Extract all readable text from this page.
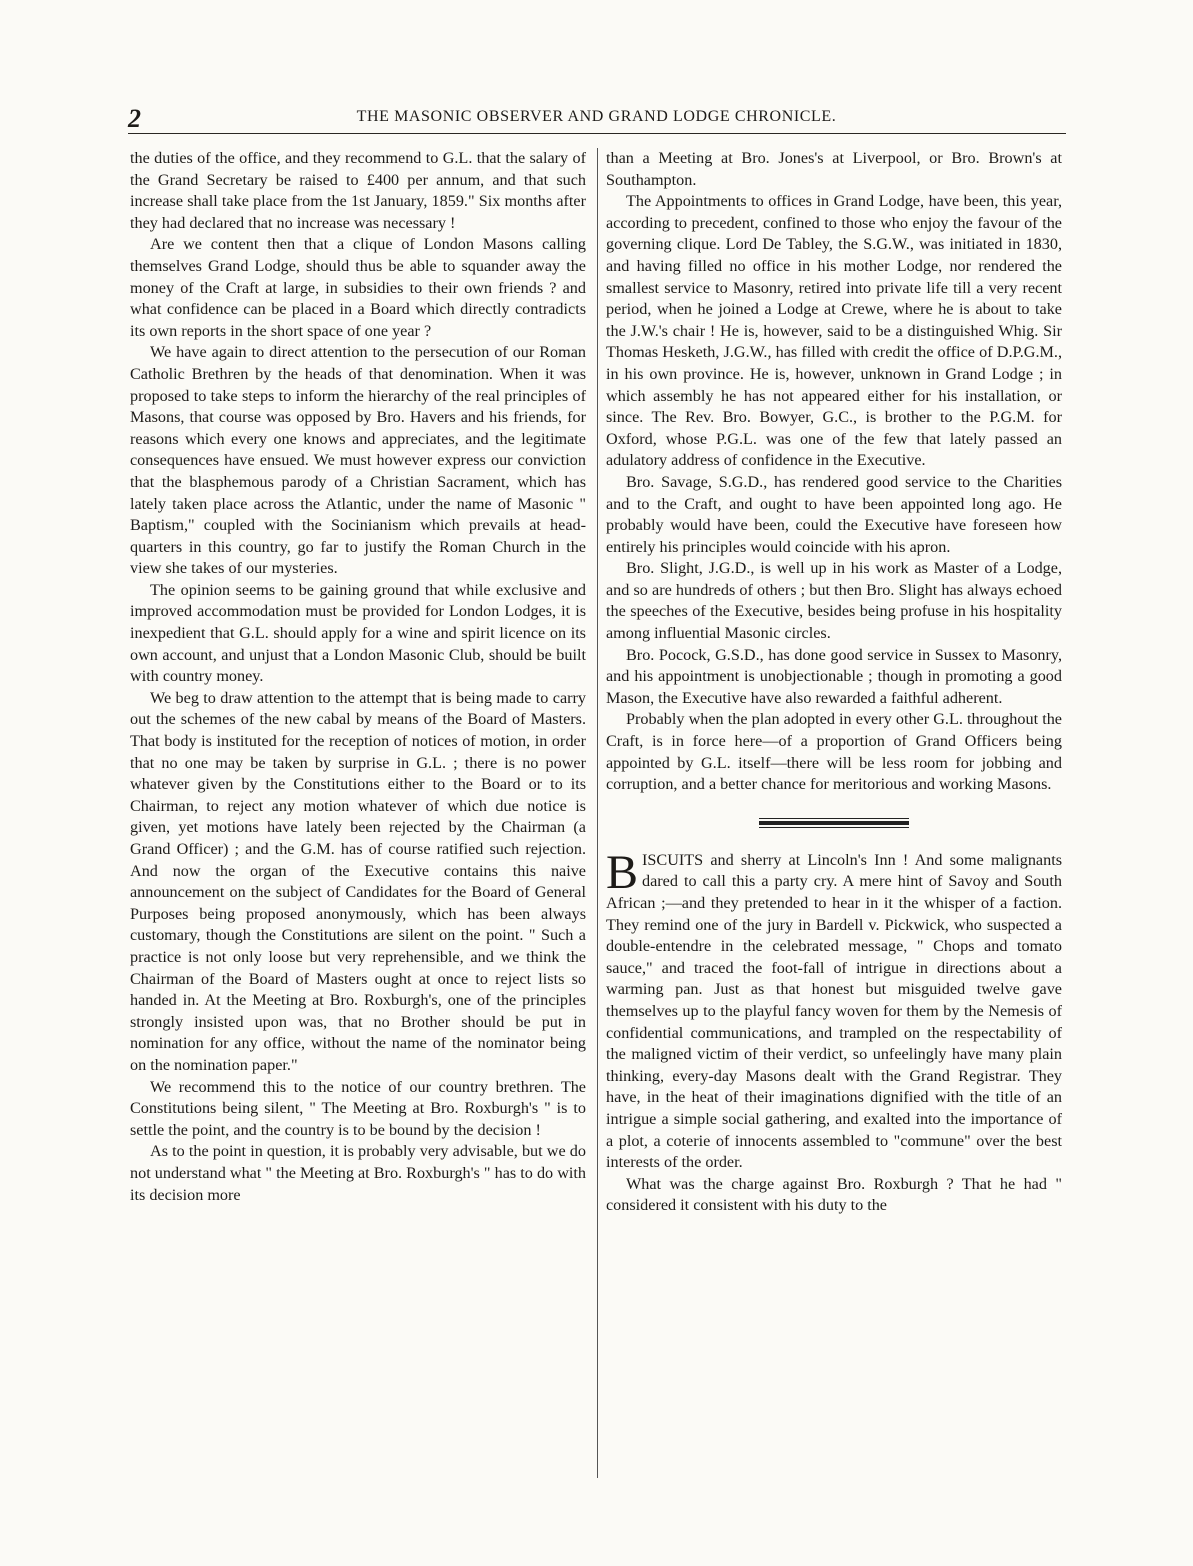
2	THE MASONIC OBSERVER AND GRAND LODGE CHRONICLE.

the duties of the office, and they recommend to G.L. that the salary of the Grand Secretary be raised to £400 per annum, and that such increase shall take place from the 1st January, 1859." Six months after they had declared that no increase was necessary !

Are we content then that a clique of London Masons calling themselves Grand Lodge, should thus be able to squander away the money of the Craft at large, in subsidies to their own friends ? and what confidence can be placed in a Board which directly contradicts its own reports in the short space of one year ?

We have again to direct attention to the persecution of our Roman Catholic Brethren by the heads of that denomination. When it was proposed to take steps to inform the hierarchy of the real principles of Masons, that course was opposed by Bro. Havers and his friends, for reasons which every one knows and appreciates, and the legitimate consequences have ensued. We must however express our conviction that the blasphemous parody of a Christian Sacrament, which has lately taken place across the Atlantic, under the name of Masonic " Baptism," coupled with the Socinianism which prevails at head-quarters in this country, go far to justify the Roman Church in the view she takes of our mysteries.

The opinion seems to be gaining ground that while exclusive and improved accommodation must be provided for London Lodges, it is inexpedient that G.L. should apply for a wine and spirit licence on its own account, and unjust that a London Masonic Club, should be built with country money.

We beg to draw attention to the attempt that is being made to carry out the schemes of the new cabal by means of the Board of Masters. That body is instituted for the reception of notices of motion, in order that no one may be taken by surprise in G.L. ; there is no power whatever given by the Constitutions either to the Board or to its Chairman, to reject any motion whatever of which due notice is given, yet motions have lately been rejected by the Chairman (a Grand Officer) ; and the G.M. has of course ratified such rejection. And now the organ of the Executive contains this naive announcement on the subject of Candidates for the Board of General Purposes being proposed anonymously, which has been always customary, though the Constitutions are silent on the point. " Such a practice is not only loose but very reprehensible, and we think the Chairman of the Board of Masters ought at once to reject lists so handed in. At the Meeting at Bro. Roxburgh's, one of the principles strongly insisted upon was, that no Brother should be put in nomination for any office, without the name of the nominator being on the nomination paper."

We recommend this to the notice of our country brethren. The Constitutions being silent, " The Meeting at Bro. Roxburgh's " is to settle the point, and the country is to be bound by the decision !

As to the point in question, it is probably very advisable, but we do not understand what " the Meeting at Bro. Roxburgh's " has to do with its decision more

than a Meeting at Bro. Jones's at Liverpool, or Bro. Brown's at Southampton.

The Appointments to offices in Grand Lodge, have been, this year, according to precedent, confined to those who enjoy the favour of the governing clique. Lord De Tabley, the S.G.W., was initiated in 1830, and having filled no office in his mother Lodge, nor rendered the smallest service to Masonry, retired into private life till a very recent period, when he joined a Lodge at Crewe, where he is about to take the J.W.'s chair ! He is, however, said to be a distinguished Whig. Sir Thomas Hesketh, J.G.W., has filled with credit the office of D.P.G.M., in his own province. He is, however, unknown in Grand Lodge ; in which assembly he has not appeared either for his installation, or since. The Rev. Bro. Bowyer, G.C., is brother to the P.G.M. for Oxford, whose P.G.L. was one of the few that lately passed an adulatory address of confidence in the Executive.

Bro. Savage, S.G.D., has rendered good service to the Charities and to the Craft, and ought to have been appointed long ago. He probably would have been, could the Executive have foreseen how entirely his principles would coincide with his apron.

Bro. Slight, J.G.D., is well up in his work as Master of a Lodge, and so are hundreds of others ; but then Bro. Slight has always echoed the speeches of the Executive, besides being profuse in his hospitality among influential Masonic circles.

Bro. Pocock, G.S.D., has done good service in Sussex to Masonry, and his appointment is unobjectionable ; though in promoting a good Mason, the Executive have also rewarded a faithful adherent.

Probably when the plan adopted in every other G.L. throughout the Craft, is in force here—of a proportion of Grand Officers being appointed by G.L. itself—there will be less room for jobbing and corruption, and a better chance for meritorious and working Masons.

BISCUITS and sherry at Lincoln's Inn ! And some malignants dared to call this a party cry. A mere hint of Savoy and South African ;—and they pretended to hear in it the whisper of a faction. They remind one of the jury in Bardell v. Pickwick, who suspected a double-entendre in the celebrated message, " Chops and tomato sauce," and traced the foot-fall of intrigue in directions about a warming pan. Just as that honest but misguided twelve gave themselves up to the playful fancy woven for them by the Nemesis of confidential communications, and trampled on the respectability of the maligned victim of their verdict, so unfeelingly have many plain thinking, every-day Masons dealt with the Grand Registrar. They have, in the heat of their imaginations dignified with the title of an intrigue a simple social gathering, and exalted into the importance of a plot, a coterie of innocents assembled to "commune" over the best interests of the order.

What was the charge against Bro. Roxburgh ? That he had " considered it consistent with his duty to the
